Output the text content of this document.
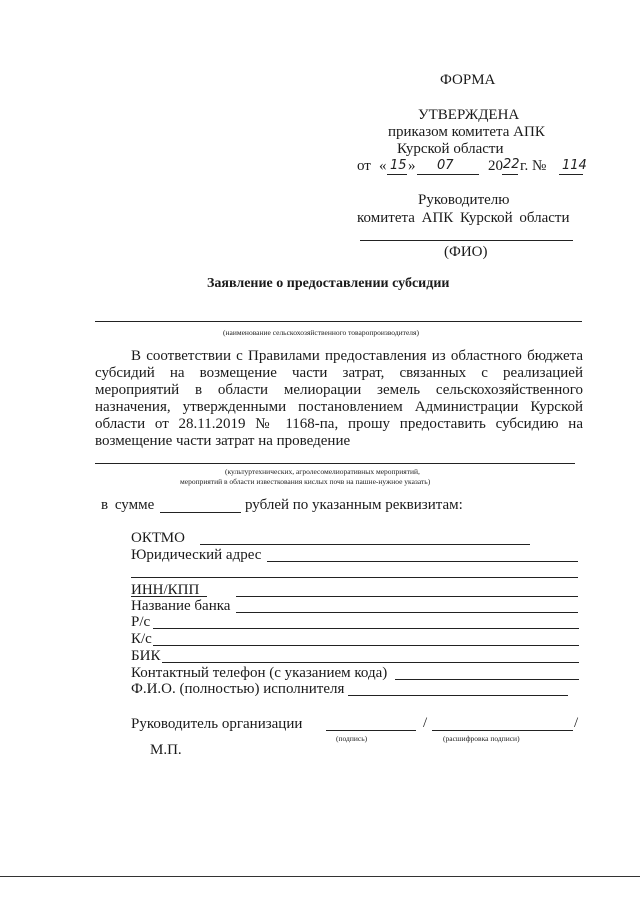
ФОРМА
УТВЕРЖДЕНА
приказом комитета АПК
Курской области
от « 15 » 07 20 22 г. № 114
Руководителю
комитета АПК Курской области
(ФИО)
Заявление о предоставлении субсидии
(наименование сельскохозяйственного товаропроизводителя)
В соответствии с Правилами предоставления из областного бюджета
субсидий на возмещение части затрат, связанных с реализацией
мероприятий в области мелиорации земель сельскохозяйственного
назначения, утвержденными постановлением Администрации Курской
области от 28.11.2019 № 1168-па, прошу предоставить субсидию на
возмещение части затрат на проведение
(культуртехнических, агролесомелиоративных мероприятий,
мероприятий в области известкования кислых почв на пашне-нужное указать)
в сумме	рублей по указанным реквизитам:
ОКТМО
Юридический адрес
ИНН/КПП
Название банка
Р/с
К/с
БИК
Контактный телефон (с указанием кода)
Ф.И.О. (полностью) исполнителя
Руководитель организации	/	/
(подпись)	(расшифровка подписи)
М.П.
